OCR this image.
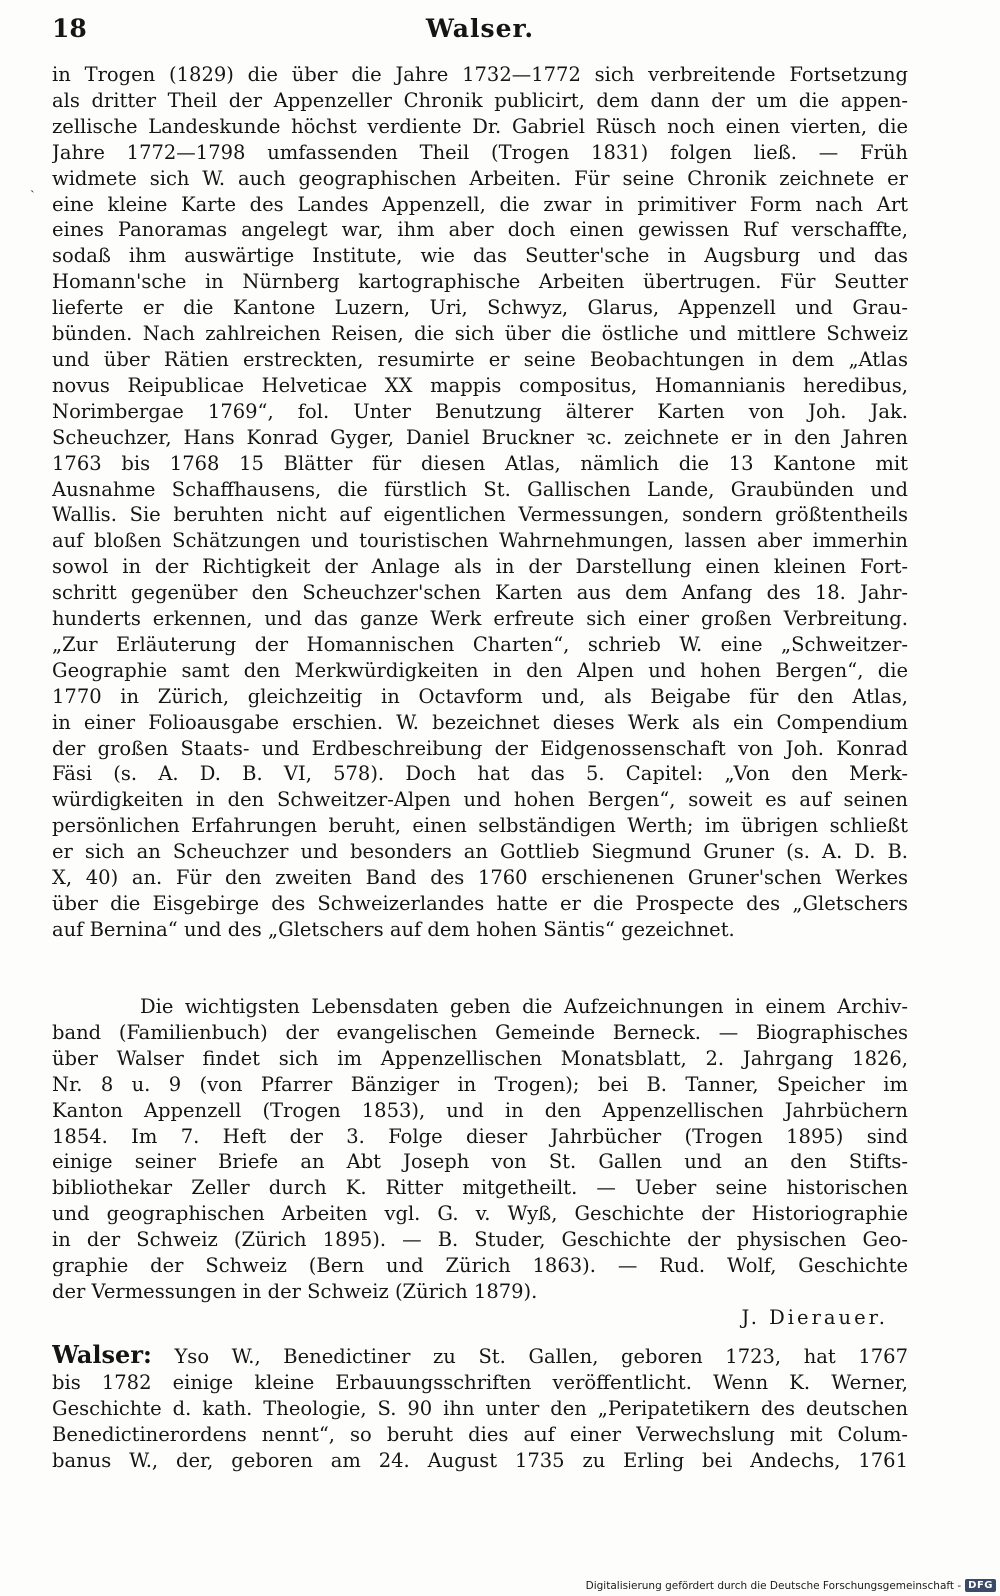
18	Walser.
˴
in Trogen (1829) die über die Jahre 1732—1772 sich verbreitende Fortsetzung
als dritter Theil der Appenzeller Chronik publicirt, dem dann der um die appen-
zellische Landeskunde höchst verdiente Dr. Gabriel Rüsch noch einen vierten, die
Jahre 1772—1798 umfassenden Theil (Trogen 1831) folgen ließ. — Früh
widmete sich W. auch geographischen Arbeiten. Für seine Chronik zeichnete er
eine kleine Karte des Landes Appenzell, die zwar in primitiver Form nach Art
eines Panoramas angelegt war, ihm aber doch einen gewissen Ruf verschaffte,
sodaß ihm auswärtige Institute, wie das Seutter'sche in Augsburg und das
Homann'sche in Nürnberg kartographische Arbeiten übertrugen. Für Seutter
lieferte er die Kantone Luzern, Uri, Schwyz, Glarus, Appenzell und Grau-
bünden. Nach zahlreichen Reisen, die sich über die östliche und mittlere Schweiz
und über Rätien erstreckten, resumirte er seine Beobachtungen in dem „Atlas
novus Reipublicae Helveticae XX mappis compositus, Homannianis heredibus,
Norimbergae 1769“, fol. Unter Benutzung älterer Karten von Joh. Jak.
Scheuchzer, Hans Konrad Gyger, Daniel Bruckner ꝛc. zeichnete er in den Jahren
1763 bis 1768 15 Blätter für diesen Atlas, nämlich die 13 Kantone mit
Ausnahme Schaffhausens, die fürstlich St. Gallischen Lande, Graubünden und
Wallis. Sie beruhten nicht auf eigentlichen Vermessungen, sondern größtentheils
auf bloßen Schätzungen und touristischen Wahrnehmungen, lassen aber immerhin
sowol in der Richtigkeit der Anlage als in der Darstellung einen kleinen Fort-
schritt gegenüber den Scheuchzer'schen Karten aus dem Anfang des 18. Jahr-
hunderts erkennen, und das ganze Werk erfreute sich einer großen Verbreitung.
„Zur Erläuterung der Homannischen Charten“, schrieb W. eine „Schweitzer-
Geographie samt den Merkwürdigkeiten in den Alpen und hohen Bergen“, die
1770 in Zürich, gleichzeitig in Octavform und, als Beigabe für den Atlas,
in einer Folioausgabe erschien. W. bezeichnet dieses Werk als ein Compendium
der großen Staats- und Erdbeschreibung der Eidgenossenschaft von Joh. Konrad
Fäsi (s. A. D. B. VI, 578). Doch hat das 5. Capitel: „Von den Merk-
würdigkeiten in den Schweitzer-Alpen und hohen Bergen“, soweit es auf seinen
persönlichen Erfahrungen beruht, einen selbständigen Werth; im übrigen schließt
er sich an Scheuchzer und besonders an Gottlieb Siegmund Gruner (s. A. D. B.
X, 40) an. Für den zweiten Band des 1760 erschienenen Gruner'schen Werkes
über die Eisgebirge des Schweizerlandes hatte er die Prospecte des „Gletschers
auf Bernina“ und des „Gletschers auf dem hohen Säntis“ gezeichnet.
Die wichtigsten Lebensdaten geben die Aufzeichnungen in einem Archiv-
band (Familienbuch) der evangelischen Gemeinde Berneck. — Biographisches
über Walser findet sich im Appenzellischen Monatsblatt, 2. Jahrgang 1826,
Nr. 8 u. 9 (von Pfarrer Bänziger in Trogen); bei B. Tanner, Speicher im
Kanton Appenzell (Trogen 1853), und in den Appenzellischen Jahrbüchern
1854. Im 7. Heft der 3. Folge dieser Jahrbücher (Trogen 1895) sind
einige seiner Briefe an Abt Joseph von St. Gallen und an den Stifts-
bibliothekar Zeller durch K. Ritter mitgetheilt. — Ueber seine historischen
und geographischen Arbeiten vgl. G. v. Wyß, Geschichte der Historiographie
in der Schweiz (Zürich 1895). — B. Studer, Geschichte der physischen Geo-
graphie der Schweiz (Bern und Zürich 1863). — Rud. Wolf, Geschichte
der Vermessungen in der Schweiz (Zürich 1879).
J. Dierauer.
Walser: Yso W., Benedictiner zu St. Gallen, geboren 1723, hat 1767
bis 1782 einige kleine Erbauungsschriften veröffentlicht. Wenn K. Werner,
Geschichte d. kath. Theologie, S. 90 ihn unter den „Peripatetikern des deutschen
Benedictinerordens nennt“, so beruht dies auf einer Verwechslung mit Colum-
banus W., der, geboren am 24. August 1735 zu Erling bei Andechs, 1761
Digitalisierung gefördert durch die Deutsche Forschungsgemeinschaft - DFG
